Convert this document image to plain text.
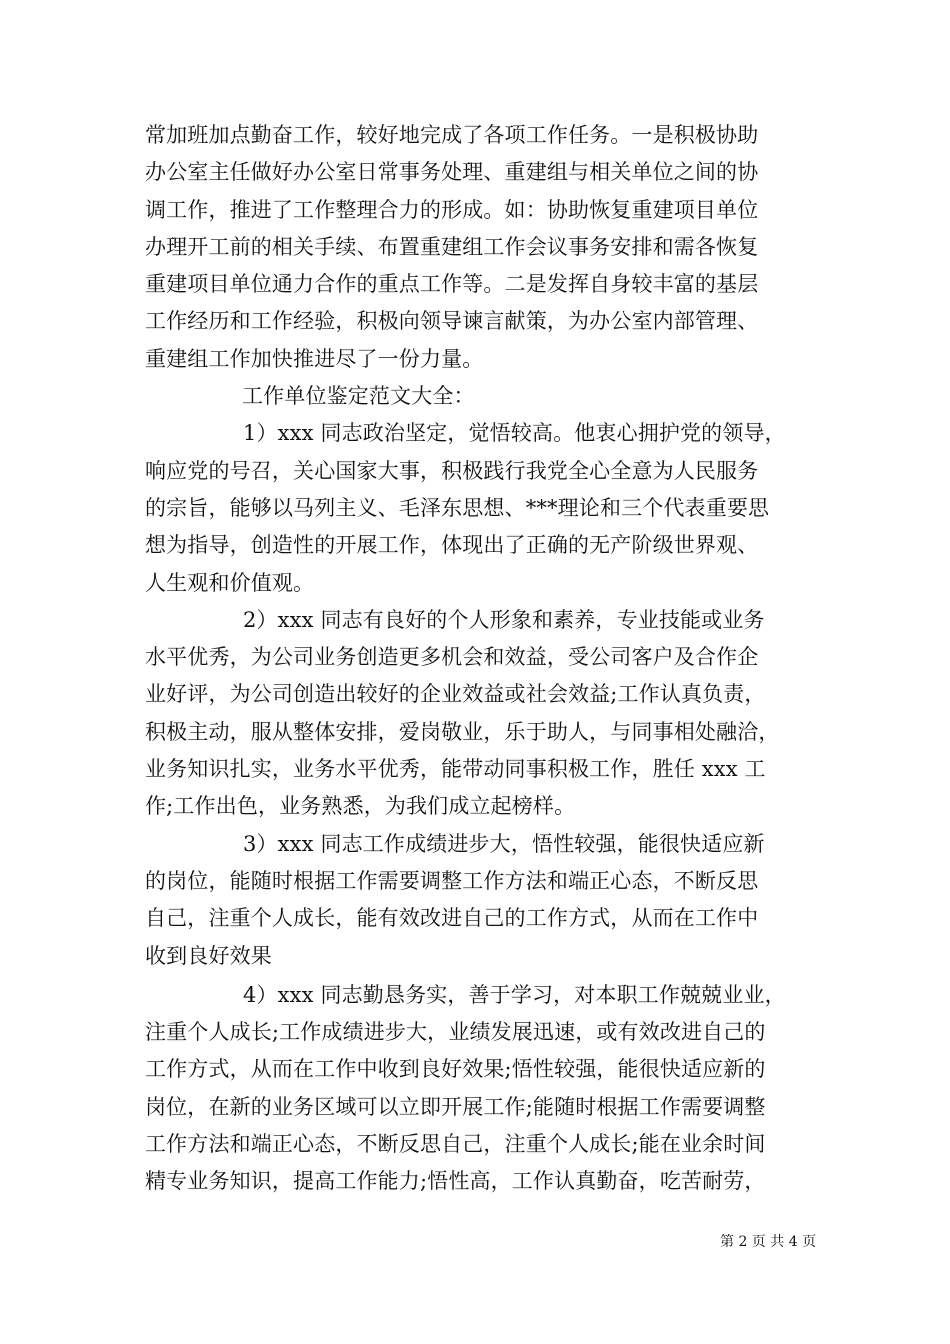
常加班加点勤奋工作，较好地完成了各项工作任务。一是积极协助
办公室主任做好办公室日常事务处理、重建组与相关单位之间的协
调工作，推进了工作整理合力的形成。如：协助恢复重建项目单位
办理开工前的相关手续、布置重建组工作会议事务安排和需各恢复
重建项目单位通力合作的重点工作等。二是发挥自身较丰富的基层
工作经历和工作经验，积极向领导谏言献策，为办公室内部管理、
重建组工作加快推进尽了一份力量。
工作单位鉴定范文大全：
1）xxx 同志政治坚定，觉悟较高。他衷心拥护党的领导，
响应党的号召，关心国家大事，积极践行我党全心全意为人民服务
的宗旨，能够以马列主义、毛泽东思想、***理论和三个代表重要思
想为指导，创造性的开展工作，体现出了正确的无产阶级世界观、
人生观和价值观。
2）xxx 同志有良好的个人形象和素养，专业技能或业务
水平优秀，为公司业务创造更多机会和效益，受公司客户及合作企
业好评，为公司创造出较好的企业效益或社会效益;工作认真负责，
积极主动，服从整体安排，爱岗敬业，乐于助人，与同事相处融洽，
业务知识扎实，业务水平优秀，能带动同事积极工作，胜任 xxx 工
作;工作出色，业务熟悉，为我们成立起榜样。
3）xxx 同志工作成绩进步大，悟性较强，能很快适应新
的岗位，能随时根据工作需要调整工作方法和端正心态，不断反思
自己，注重个人成长，能有效改进自己的工作方式，从而在工作中
收到良好效果
4）xxx 同志勤恳务实，善于学习，对本职工作兢兢业业，
注重个人成长;工作成绩进步大，业绩发展迅速，或有效改进自己的
工作方式，从而在工作中收到良好效果;悟性较强，能很快适应新的
岗位，在新的业务区域可以立即开展工作;能随时根据工作需要调整
工作方法和端正心态，不断反思自己，注重个人成长;能在业余时间
精专业务知识，提高工作能力;悟性高，工作认真勤奋，吃苦耐劳，
第 2 页 共 4 页
